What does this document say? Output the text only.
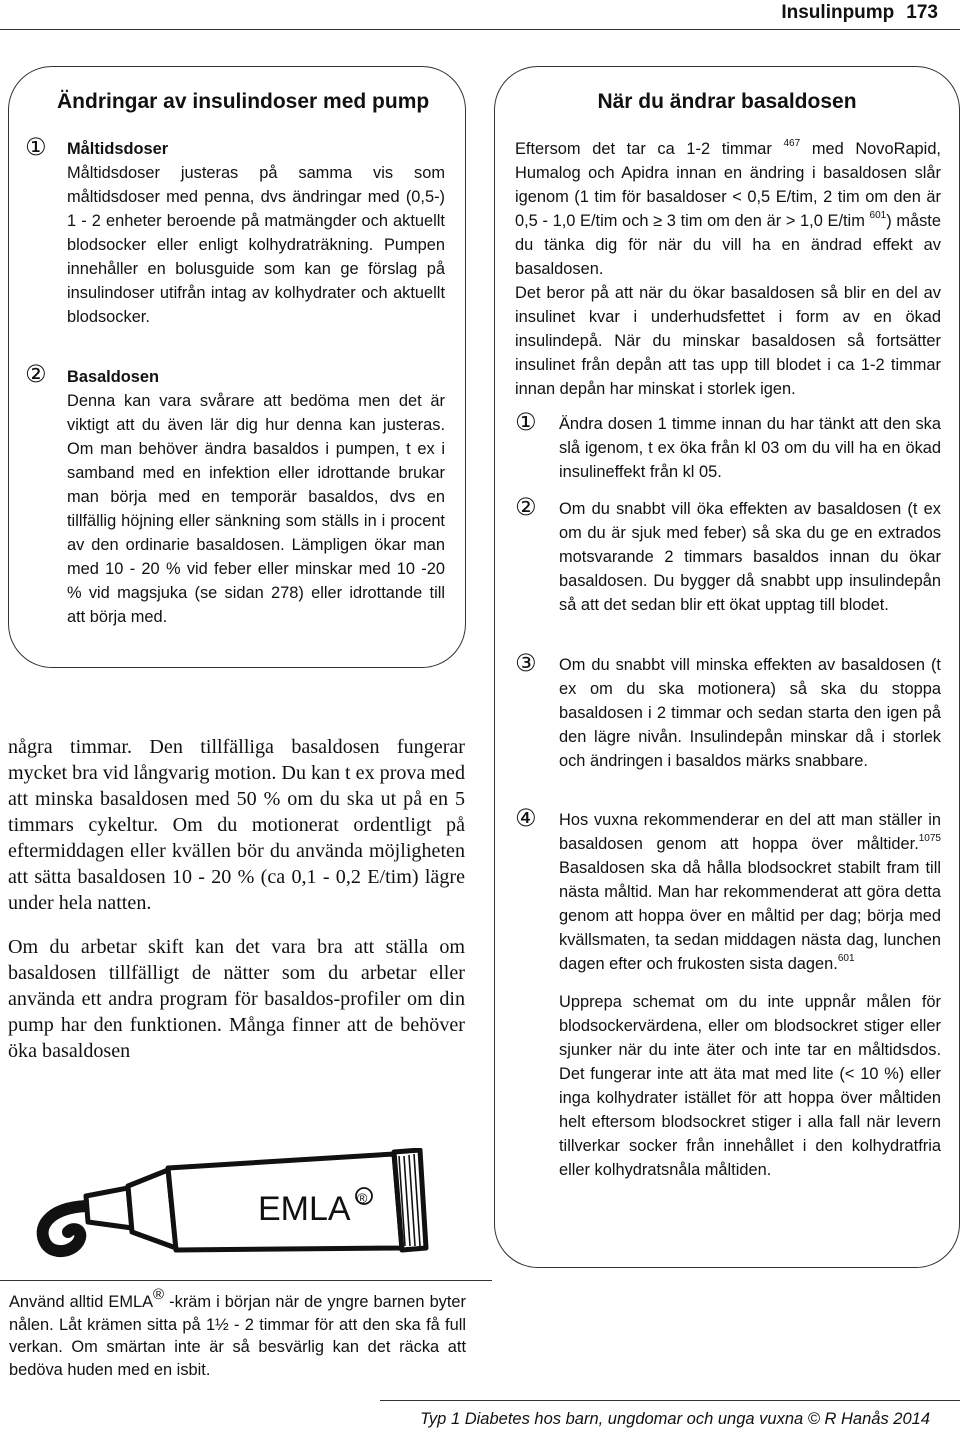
Insulinpump 173
Ändringar av insulindoser med pump

Måltidsdoser

Måltidsdoser justeras på samma vis som måltidsdoser med penna, dvs ändringar med (0,5-) 1 - 2 enheter beroende på matmängder och aktuellt blodsocker eller enligt kolhydraträkning. Pumpen innehåller en bolusguide som kan ge förslag på insulindoser utifrån intag av kolhydrater och aktuellt blodsocker.
①

Basaldosen

Denna kan vara svårare att bedöma men det är viktigt att du även lär dig hur denna kan justeras. Om man behöver ändra basaldos i pumpen, t ex i samband med en infektion eller idrottande brukar man börja med en temporär basaldos, dvs en tillfällig höjning eller sänkning som ställs in i procent av den ordinarie basaldosen. Lämpligen ökar man med 10 - 20 % vid feber eller minskar med 10 -20 % vid magsjuka (se sidan 278) eller idrottande till att börja med.
②

några timmar. Den tillfälliga basaldosen fungerar mycket bra vid långvarig motion. Du kan t ex prova med att minska basaldosen med 50 % om du ska ut på en 5 timmars cykeltur. Om du motionerat ordentligt på eftermiddagen eller kvällen bör du använda möjligheten att sätta basaldosen 10 - 20 % (ca 0,1 - 0,2 E/tim) lägre under hela natten.

Om du arbetar skift kan det vara bra att ställa om basaldosen tillfälligt de nätter som du arbetar eller använda ett andra program för basaldos-profiler om din pump har den funktionen. Många finner att de behöver öka basaldosen

EMLA ®
Använd alltid EMLA® -kräm i början när de yngre barnen byter nålen. Låt krämen sitta på 1½ - 2 timmar för att den ska få full verkan. Om smärtan inte är så besvärlig kan det räcka att bedöva huden med en isbit.
När du ändrar basaldosen
Eftersom det tar ca 1-2 timmar $^{467}$ med NovoRapid, Humalog och Apidra innan en ändring i basaldosen slår igenom (1 tim för basaldoser < 0,5 E/tim, 2 tim om den är 0,5 - 1,0 E/tim och ≥ 3 tim om den är > 1,0 E/tim $^{601}$) måste du tänka dig för när du vill ha en ändrad effekt av basaldosen.
Det beror på att när du ökar basaldosen så blir en del av insulinet kvar i underhudsfettet i form av en ökad insulindepå. När du minskar basaldosen så fortsätter insulinet från depån att tas upp till blodet i ca 1-2 timmar innan depån har minskat i storlek igen.
① Ändra dosen 1 timme innan du har tänkt att den ska slå igenom, t ex öka från kl 03 om du vill ha en ökad insulineffekt från kl 05.
② Om du snabbt vill öka effekten av basaldosen (t ex om du är sjuk med feber) så ska du ge en extrados motsvarande 2 timmars basaldos innan du ökar basaldosen. Du bygger då snabbt upp insulindepån så att det sedan blir ett ökat upptag till blodet.
③ Om du snabbt vill minska effekten av basaldosen (t ex om du ska motionera) så ska du stoppa basaldosen i 2 timmar och sedan starta den igen på den lägre nivån. Insulindepån minskar då i storlek och ändringen i basaldos märks snabbare.
④ Hos vuxna rekommenderar en del att man ställer in basaldosen genom att hoppa över måltider.$^{1075}$ Basaldosen ska då hålla blodsockret stabilt fram till nästa måltid. Man har rekommenderat att göra detta genom att hoppa över en måltid per dag; börja med kvällsmaten, ta sedan middagen nästa dag, lunchen dagen efter och frukosten sista dagen.$^{601}$
Upprepa schemat om du inte uppnår målen för blodsockervärdena, eller om blodsockret stiger eller sjunker när du inte äter och inte tar en måltidsdos. Det fungerar inte att äta mat med lite (< 10 %) eller inga kolhydrater istället för att hoppa över måltiden helt eftersom blodsockret stiger i alla fall när levern tillverkar socker från innehållet i den kolhydratfria eller kolhydratsnåla måltiden.
Typ 1 Diabetes hos barn, ungdomar och unga vuxna © R Hanås 2014
